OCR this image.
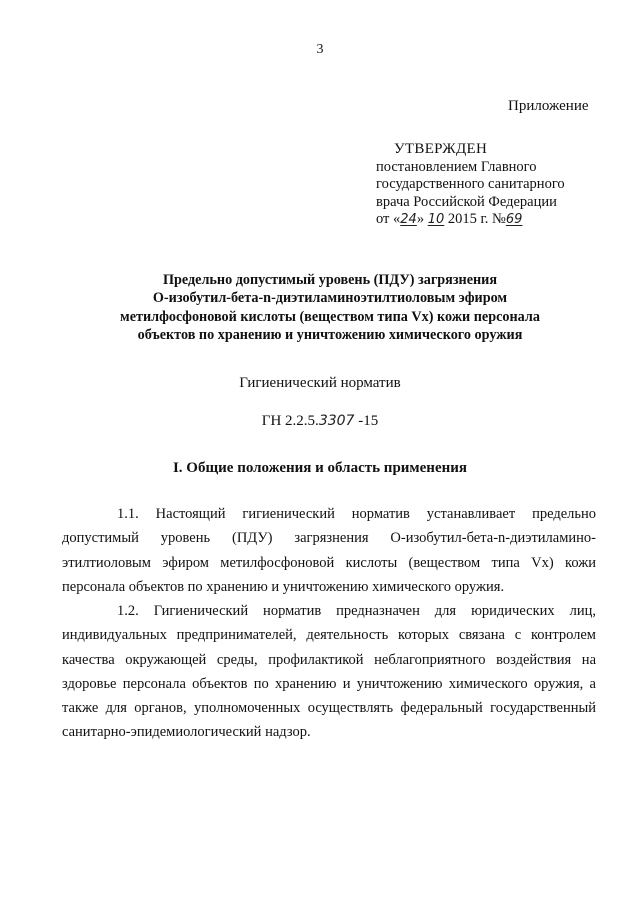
3
Приложение
УТВЕРЖДЕН
постановлением Главного
государственного санитарного
врача Российской Федерации
от «24» 10 2015 г. №69
Предельно допустимый уровень (ПДУ) загрязнения
О-изобутил-бета-n-диэтиламиноэтилтиоловым эфиром
метилфосфоновой кислоты (веществом типа Vx) кожи персонала
объектов по хранению и уничтожению химического оружия
Гигиенический норматив
ГН 2.2.5.3307 -15
I. Общие положения и область применения
1.1. Настоящий гигиенический норматив устанавливает предельно допустимый уровень (ПДУ) загрязнения О-изобутил-бета-n-диэтиламино-этилтиоловым эфиром метилфосфоновой кислоты (веществом типа Vx) кожи персонала объектов по хранению и уничтожению химического оружия.
1.2. Гигиенический норматив предназначен для юридических лиц, индивидуальных предпринимателей, деятельность которых связана с контролем качества окружающей среды, профилактикой неблагоприятного воздействия на здоровье персонала объектов по хранению и уничтожению химического оружия, а также для органов, уполномоченных осуществлять федеральный государственный санитарно-эпидемиологический надзор.
